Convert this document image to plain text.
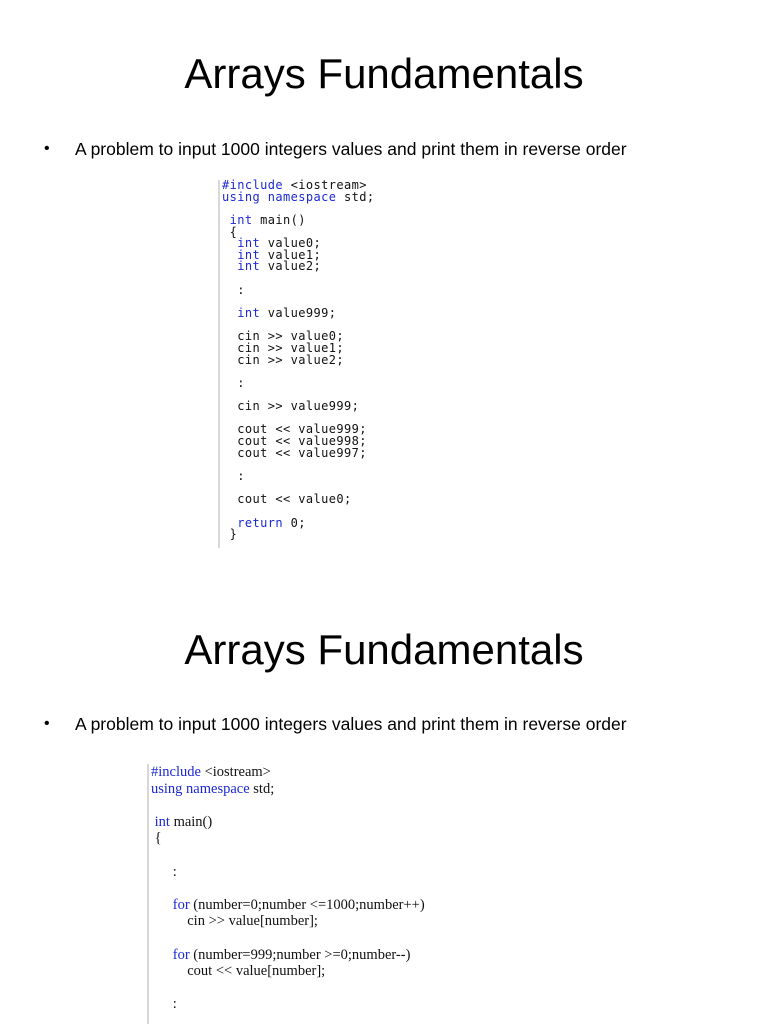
Arrays Fundamentals
• A problem to input 1000 integers values and print them in reverse order
#include <iostream>
using namespace std;
int main()
{
int value0;
int value1;
int value2;
:
int value999;
cin >> value0;
cin >> value1;
cin >> value2;
:
cin >> value999;
cout << value999;
cout << value998;
cout << value997;
:
cout << value0;
return 0;
}
Arrays Fundamentals
• A problem to input 1000 integers values and print them in reverse order
#include <iostream>
using namespace std;
int main()
{
:
for (number=0;number <=1000;number++)
cin >> value[number];
for (number=999;number >=0;number--)
cout << value[number];
:
